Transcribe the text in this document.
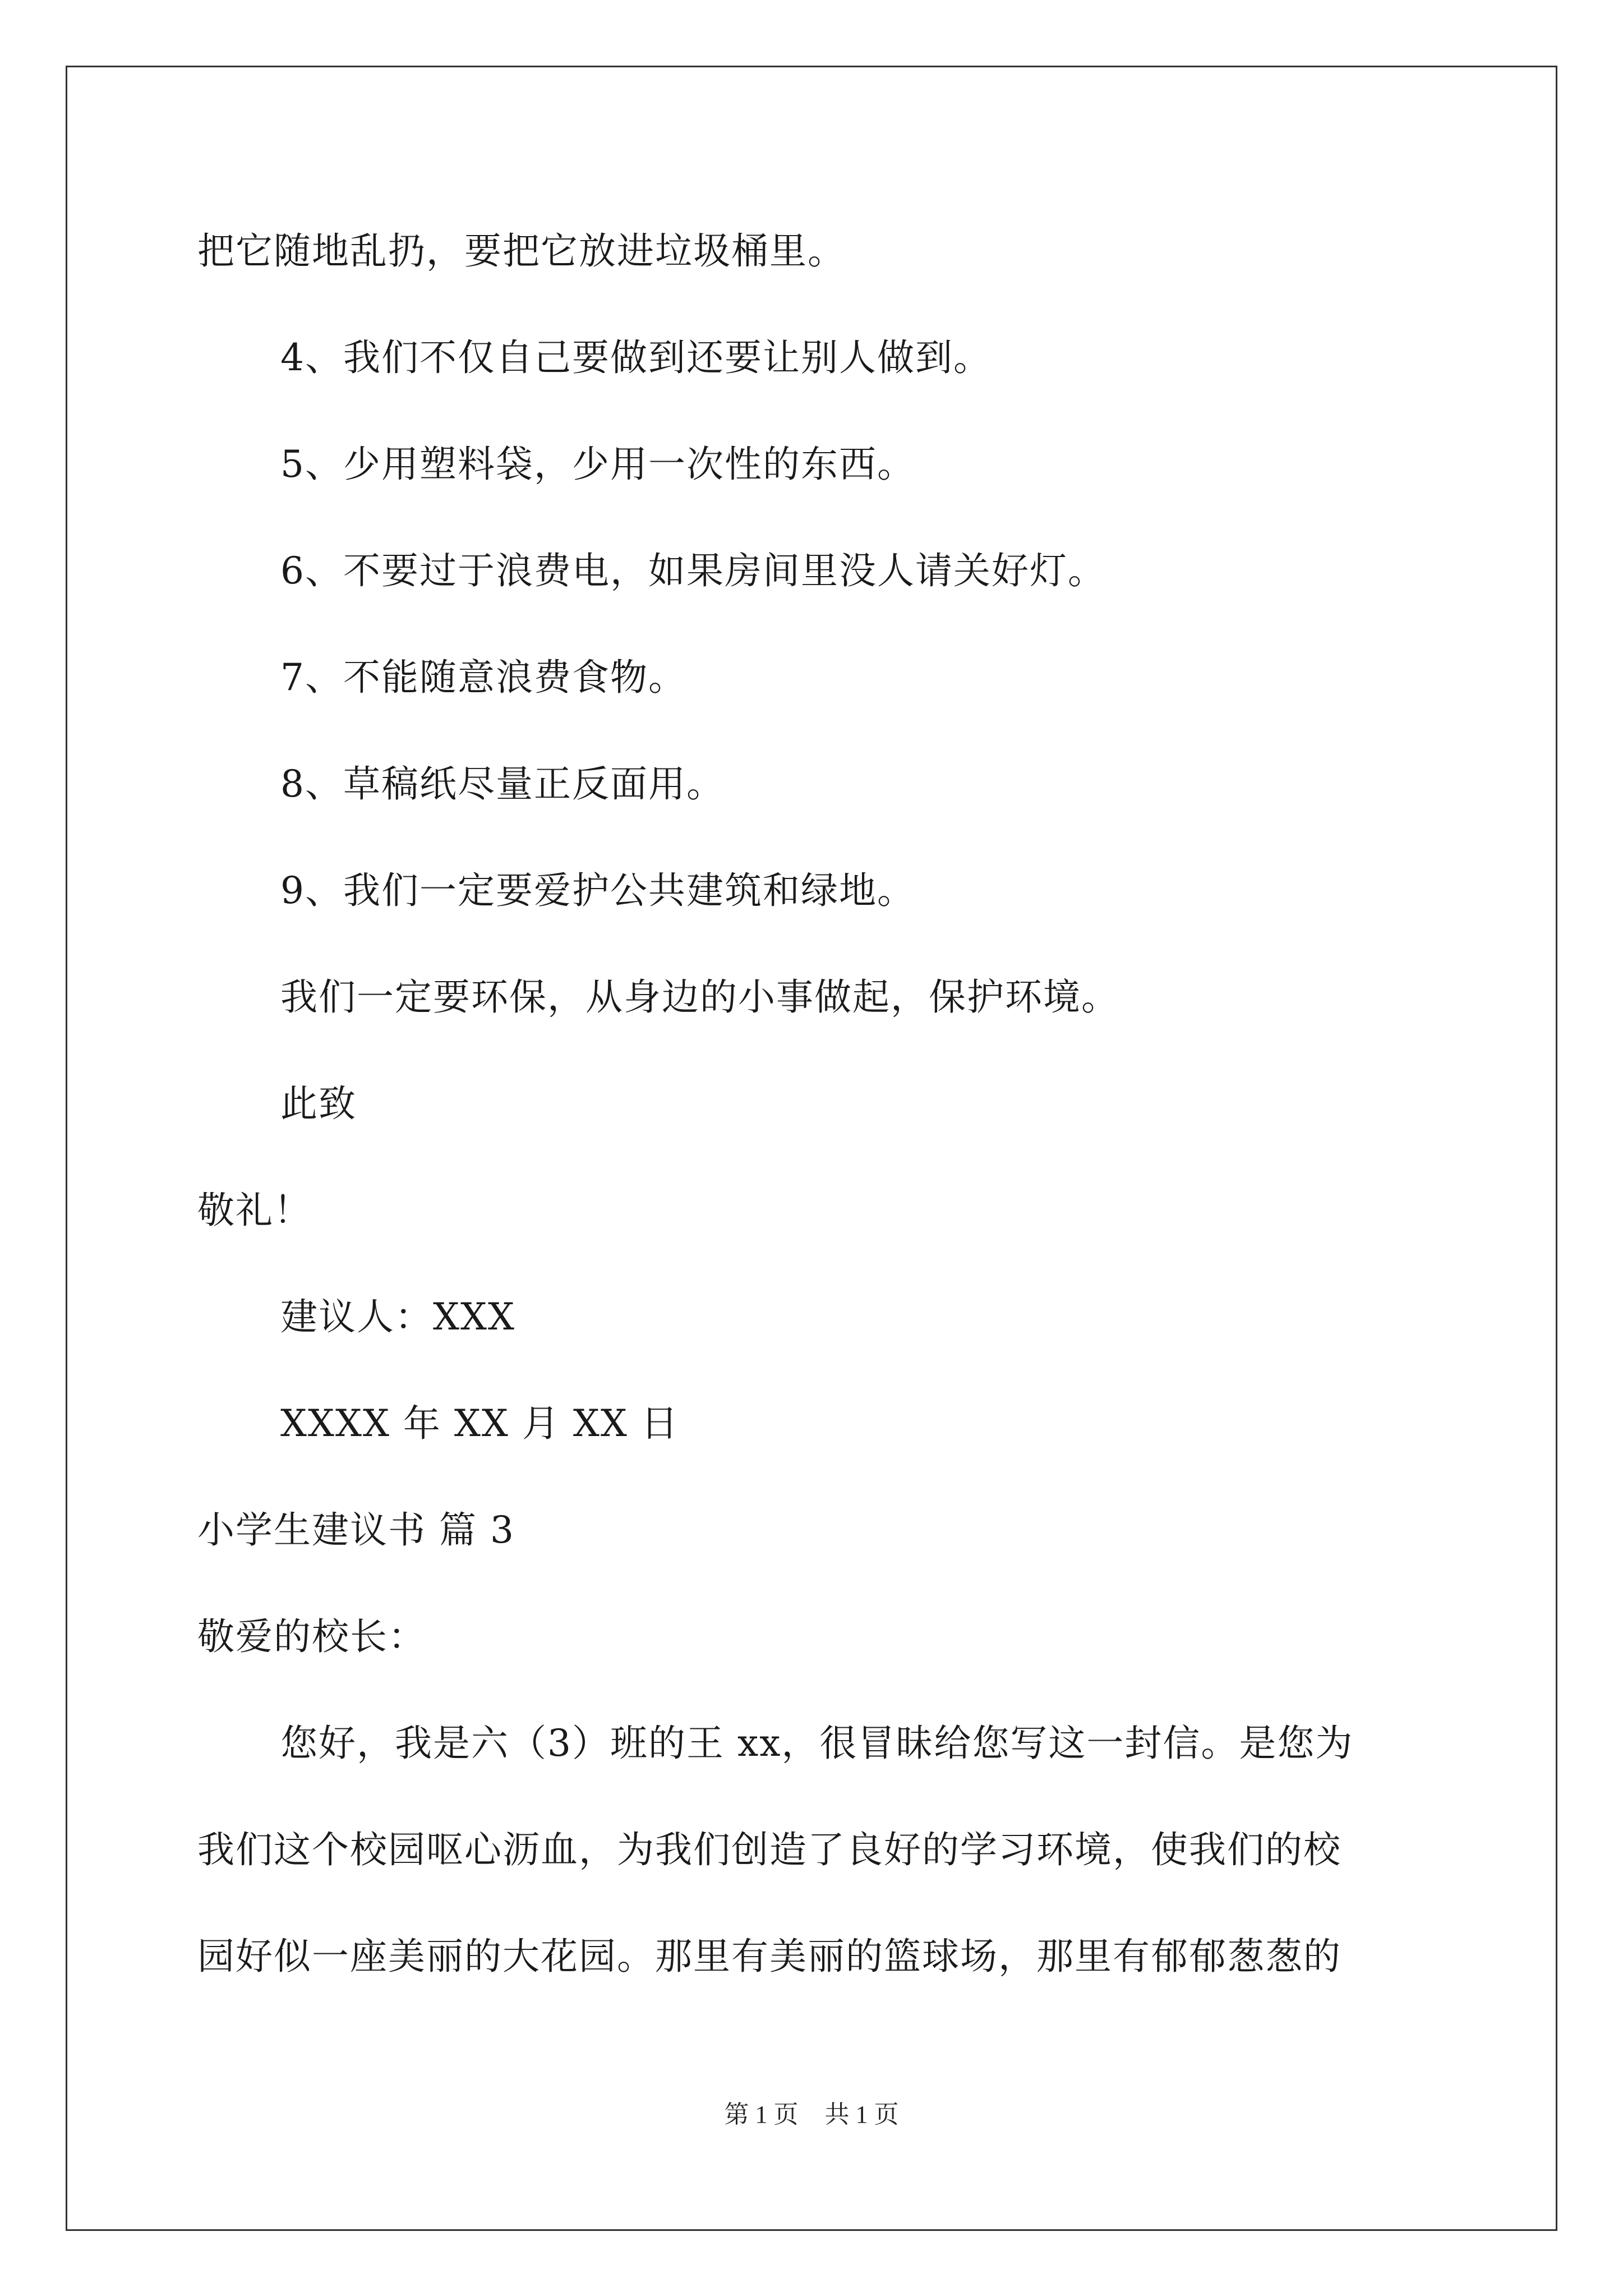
把它随地乱扔，要把它放进垃圾桶里。
4、我们不仅自己要做到还要让别人做到。
5、少用塑料袋，少用一次性的东西。
6、不要过于浪费电，如果房间里没人请关好灯。
7、不能随意浪费食物。
8、草稿纸尽量正反面用。
9、我们一定要爱护公共建筑和绿地。
我们一定要环保，从身边的小事做起，保护环境。
此致
敬礼！
建议人：XXX
XXXX 年 XX 月 XX 日
小学生建议书 篇 3
敬爱的校长：
您好，我是六（3）班的王 xx，很冒昧给您写这一封信。是您为
我们这个校园呕心沥血，为我们创造了良好的学习环境，使我们的校
园好似一座美丽的大花园。那里有美丽的篮球场，那里有郁郁葱葱的
第 1 页 共 1 页
